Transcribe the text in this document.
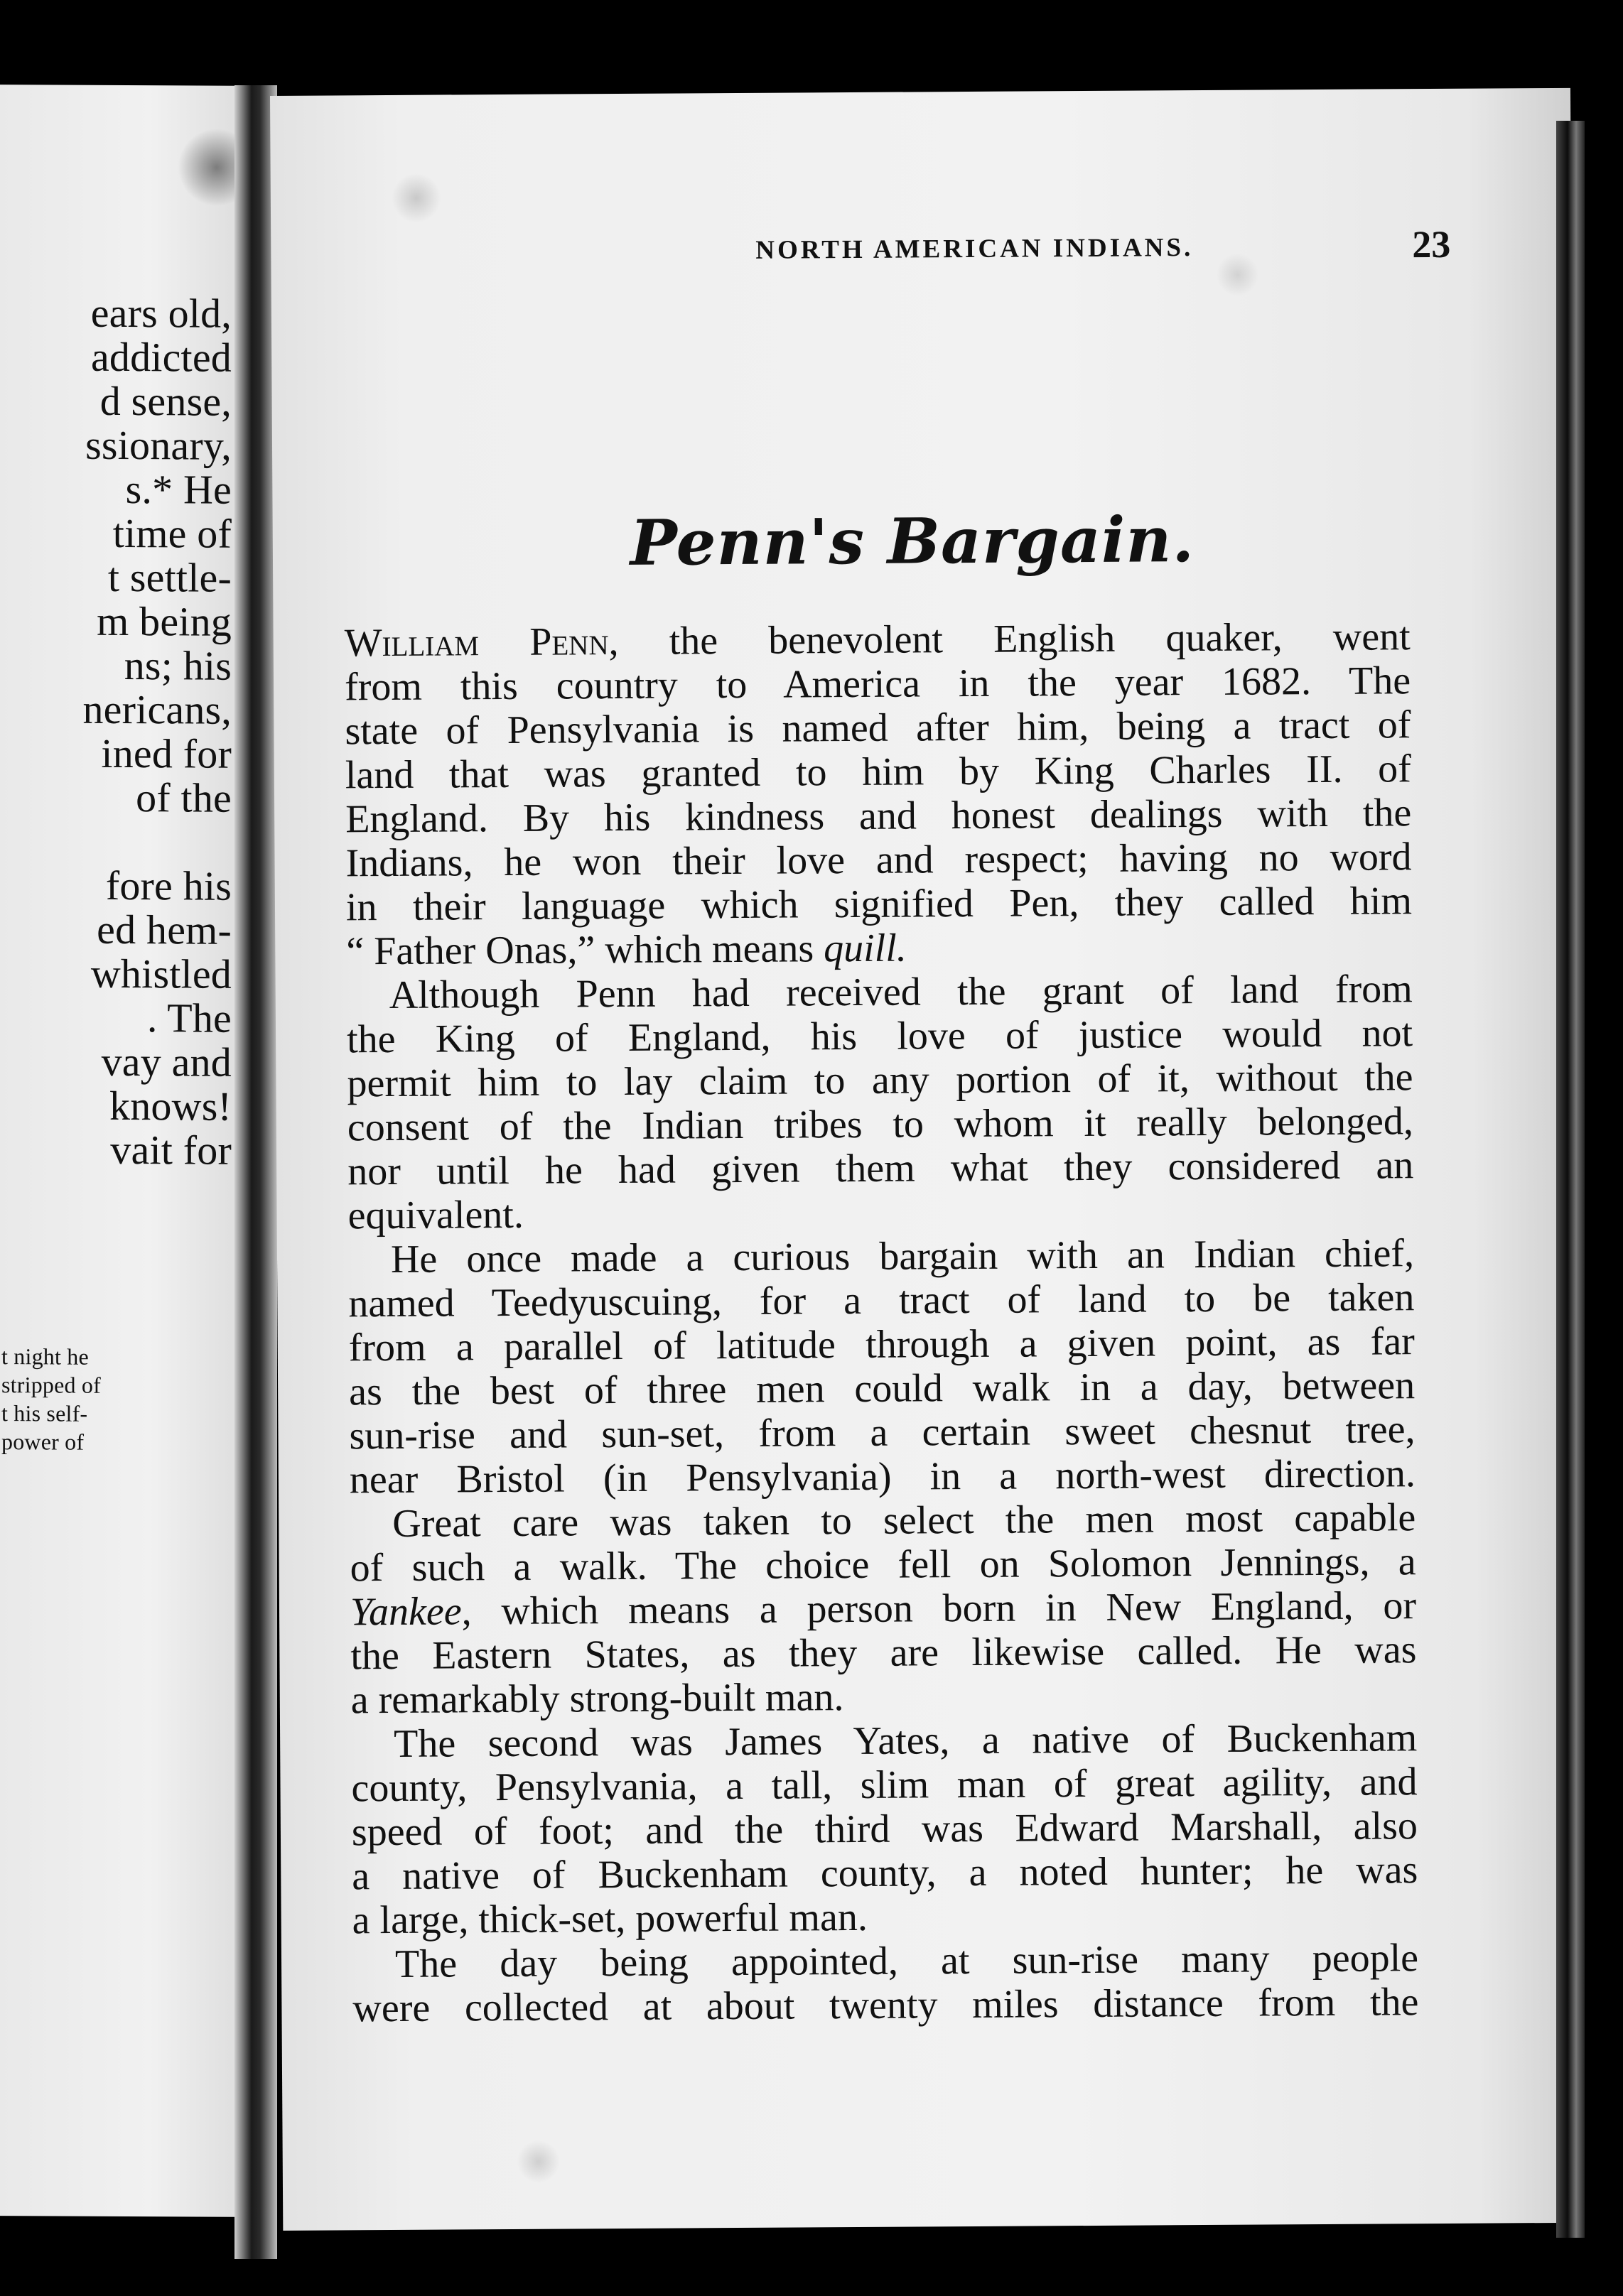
ears old,
addicted
d sense,
ssionary,
s.* He
time of
t settle-
m being
ns; his
nericans,
ined for
of the
fore his
ed hem-
whistled
. The
vay and
knows!
vait for
t night he
stripped of
t his self-
power of
NORTH AMERICAN INDIANS.	23
Penn's Bargain.
William Penn, the benevolent English quaker, went
from this country to America in the year 1682. The
state of Pensylvania is named after him, being a tract of
land that was granted to him by King Charles II. of
England. By his kindness and honest dealings with the
Indians, he won their love and respect; having no word
in their language which signified Pen, they called him
“ Father Onas,” which means quill.
Although Penn had received the grant of land from
the King of England, his love of justice would not
permit him to lay claim to any portion of it, without the
consent of the Indian tribes to whom it really belonged,
nor until he had given them what they considered an
equivalent.
He once made a curious bargain with an Indian chief,
named Teedyuscuing, for a tract of land to be taken
from a parallel of latitude through a given point, as far
as the best of three men could walk in a day, between
sun-rise and sun-set, from a certain sweet chesnut tree,
near Bristol (in Pensylvania) in a north-west direction.
Great care was taken to select the men most capable
of such a walk. The choice fell on Solomon Jennings, a
Yankee, which means a person born in New England, or
the Eastern States, as they are likewise called. He was
a remarkably strong-built man.
The second was James Yates, a native of Buckenham
county, Pensylvania, a tall, slim man of great agility, and
speed of foot; and the third was Edward Marshall, also
a native of Buckenham county, a noted hunter; he was
a large, thick-set, powerful man.
The day being appointed, at sun-rise many people
were collected at about twenty miles distance from the
